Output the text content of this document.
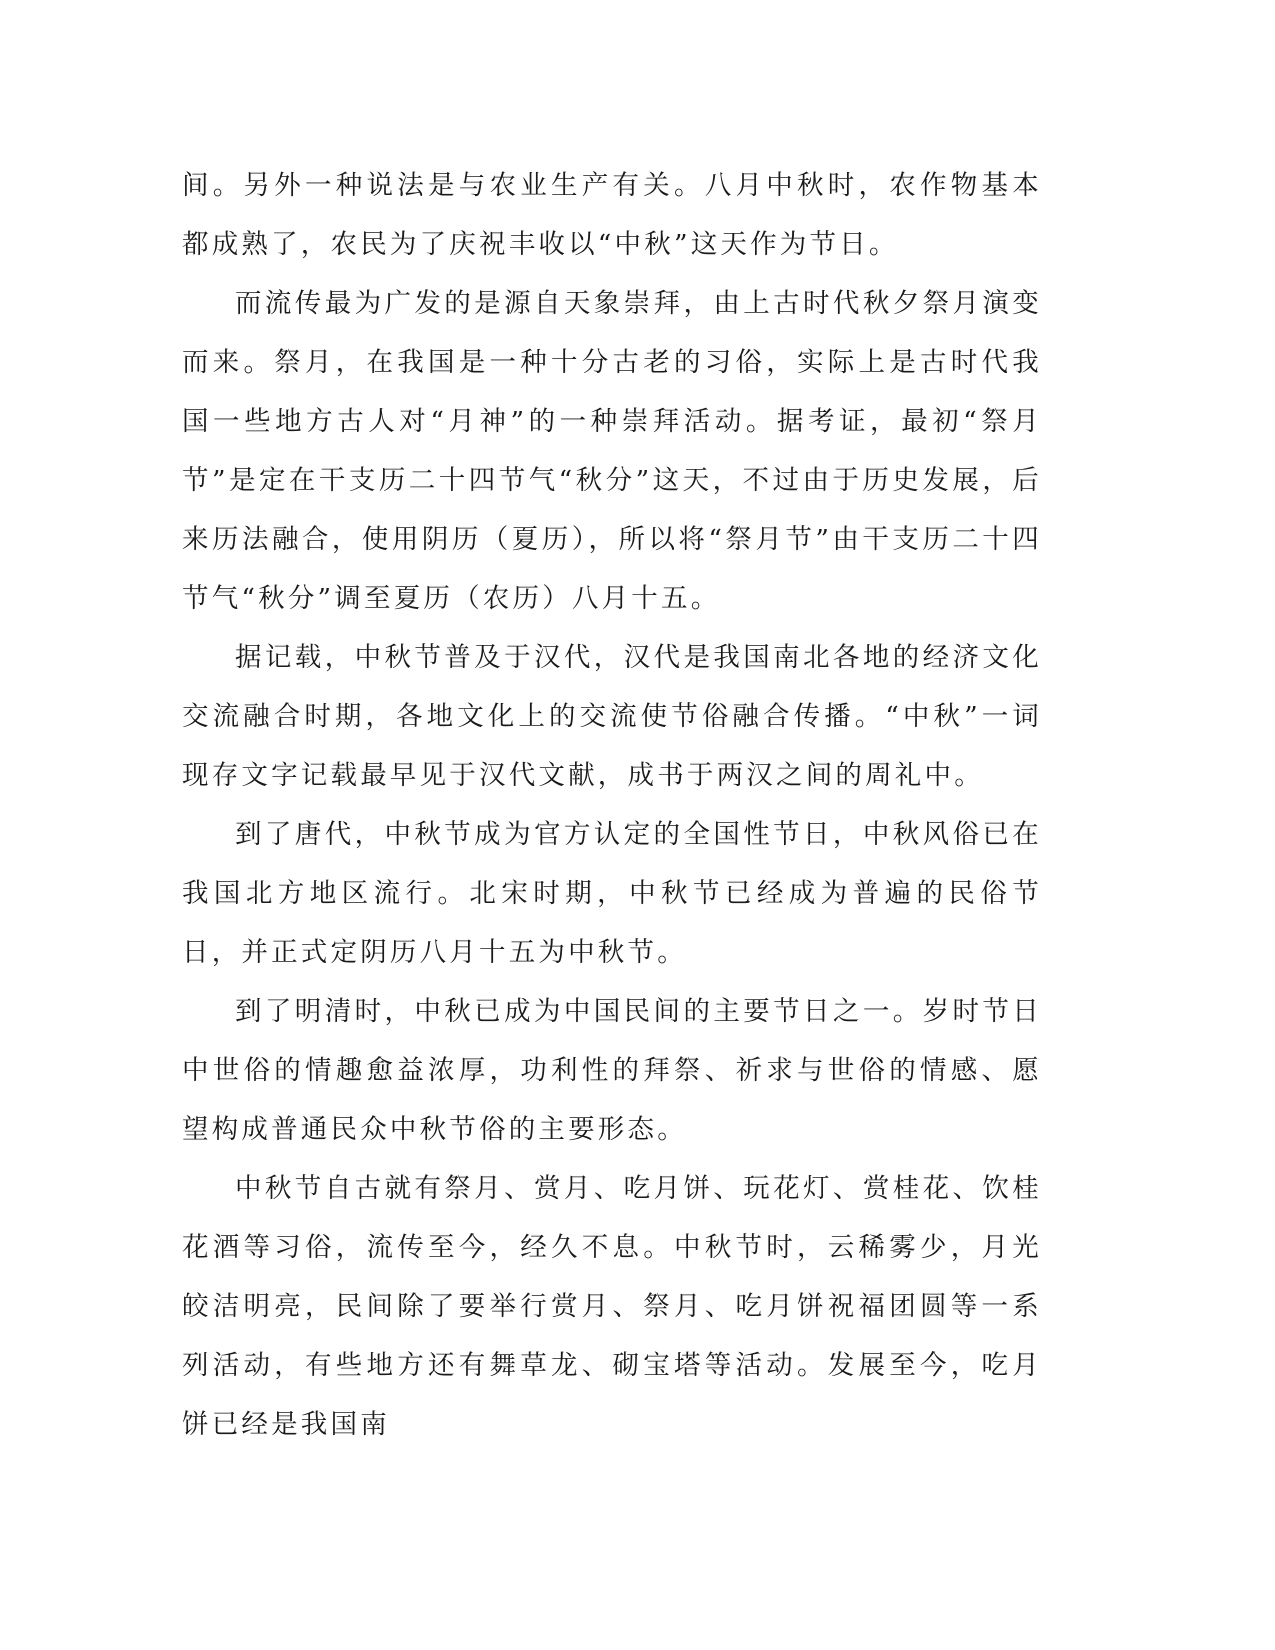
间。另外一种说法是与农业生产有关。八月中秋时，农作物基本都成熟了，农民为了庆祝丰收以“中秋”这天作为节日。

而流传最为广发的是源自天象崇拜，由上古时代秋夕祭月演变而来。祭月，在我国是一种十分古老的习俗，实际上是古时代我国一些地方古人对“月神”的一种崇拜活动。据考证，最初“祭月节”是定在干支历二十四节气“秋分”这天，不过由于历史发展，后来历法融合，使用阴历（夏历），所以将“祭月节”由干支历二十四节气“秋分”调至夏历（农历）八月十五。

据记载，中秋节普及于汉代，汉代是我国南北各地的经济文化交流融合时期，各地文化上的交流使节俗融合传播。“中秋”一词现存文字记载最早见于汉代文献，成书于两汉之间的周礼中。

到了唐代，中秋节成为官方认定的全国性节日，中秋风俗已在我国北方地区流行。北宋时期，中秋节已经成为普遍的民俗节日，并正式定阴历八月十五为中秋节。

到了明清时，中秋已成为中国民间的主要节日之一。岁时节日中世俗的情趣愈益浓厚，功利性的拜祭、祈求与世俗的情感、愿望构成普通民众中秋节俗的主要形态。

中秋节自古就有祭月、赏月、吃月饼、玩花灯、赏桂花、饮桂花酒等习俗，流传至今，经久不息。中秋节时，云稀雾少，月光皎洁明亮，民间除了要举行赏月、祭月、吃月饼祝福团圆等一系列活动，有些地方还有舞草龙、砌宝塔等活动。发展至今，吃月饼已经是我国南
